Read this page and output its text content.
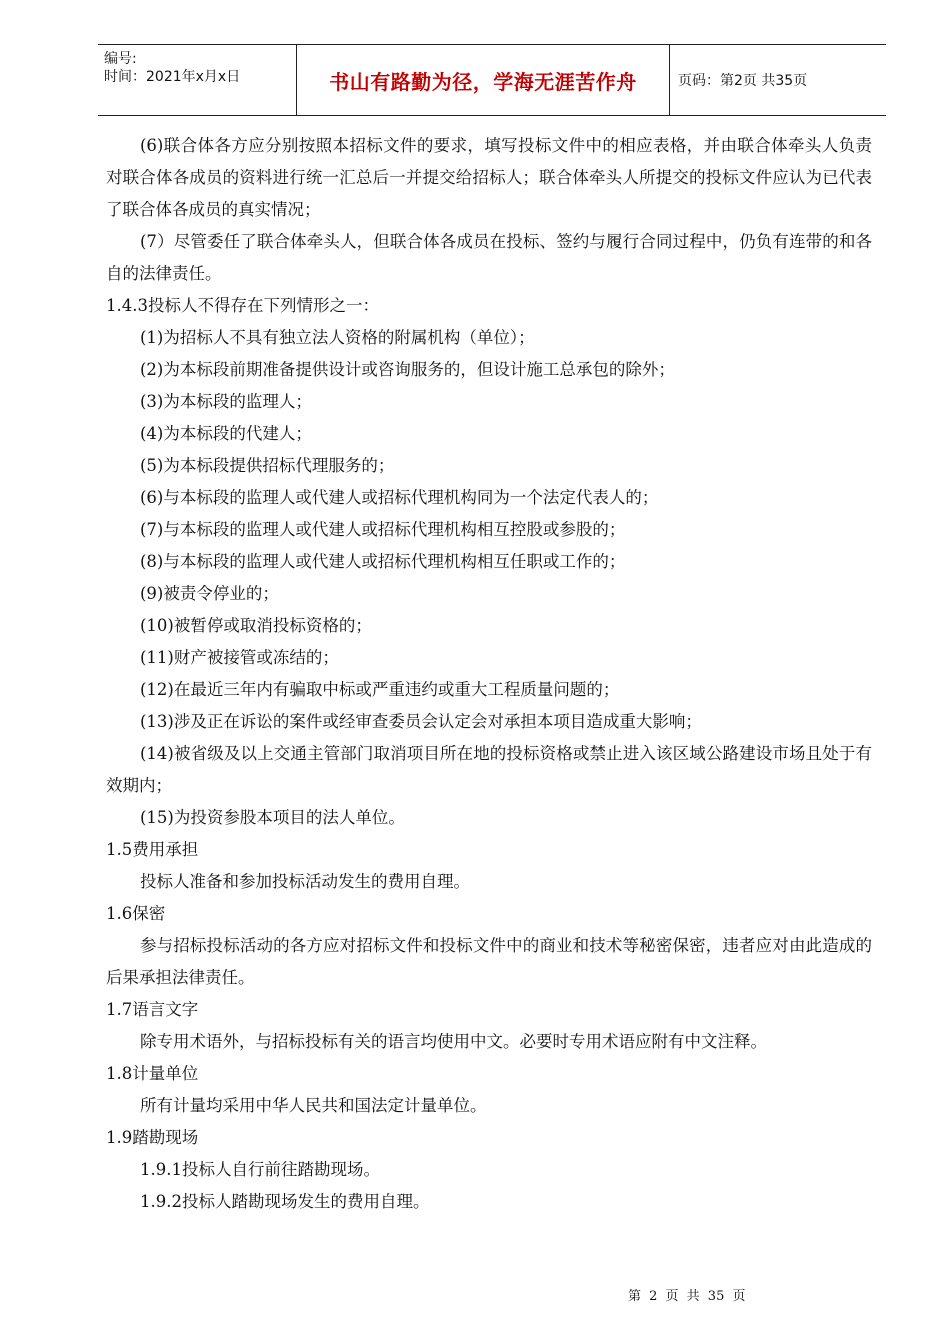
编号:
时间：2021年x月x日	书山有路勤为径，学海无涯苦作舟	页码：第2页 共35页

(6)联合体各方应分别按照本招标文件的要求，填写投标文件中的相应表格，并由联合体牵头人负责对联合体各成员的资料进行统一汇总后一并提交给招标人；联合体牵头人所提交的投标文件应认为已代表了联合体各成员的真实情况；

(7）尽管委任了联合体牵头人，但联合体各成员在投标、签约与履行合同过程中，仍负有连带的和各自的法律责任。

1.4.3投标人不得存在下列情形之一：

(1)为招标人不具有独立法人资格的附属机构（单位）；

(2)为本标段前期准备提供设计或咨询服务的，但设计施工总承包的除外；

(3)为本标段的监理人；

(4)为本标段的代建人；

(5)为本标段提供招标代理服务的；

(6)与本标段的监理人或代建人或招标代理机构同为一个法定代表人的；

(7)与本标段的监理人或代建人或招标代理机构相互控股或参股的；

(8)与本标段的监理人或代建人或招标代理机构相互任职或工作的；

(9)被责令停业的；

(10)被暂停或取消投标资格的；

(11)财产被接管或冻结的；

(12)在最近三年内有骗取中标或严重违约或重大工程质量问题的；

(13)涉及正在诉讼的案件或经审查委员会认定会对承担本项目造成重大影响；

(14)被省级及以上交通主管部门取消项目所在地的投标资格或禁止进入该区域公路建设市场且处于有效期内；

(15)为投资参股本项目的法人单位。

1.5费用承担

投标人准备和参加投标活动发生的费用自理。

1.6保密

参与招标投标活动的各方应对招标文件和投标文件中的商业和技术等秘密保密，违者应对由此造成的后果承担法律责任。

1.7语言文字

除专用术语外，与招标投标有关的语言均使用中文。必要时专用术语应附有中文注释。

1.8计量单位

所有计量均采用中华人民共和国法定计量单位。

1.9踏勘现场

1.9.1投标人自行前往踏勘现场。

1.9.2投标人踏勘现场发生的费用自理。

第 2 页 共 35 页
